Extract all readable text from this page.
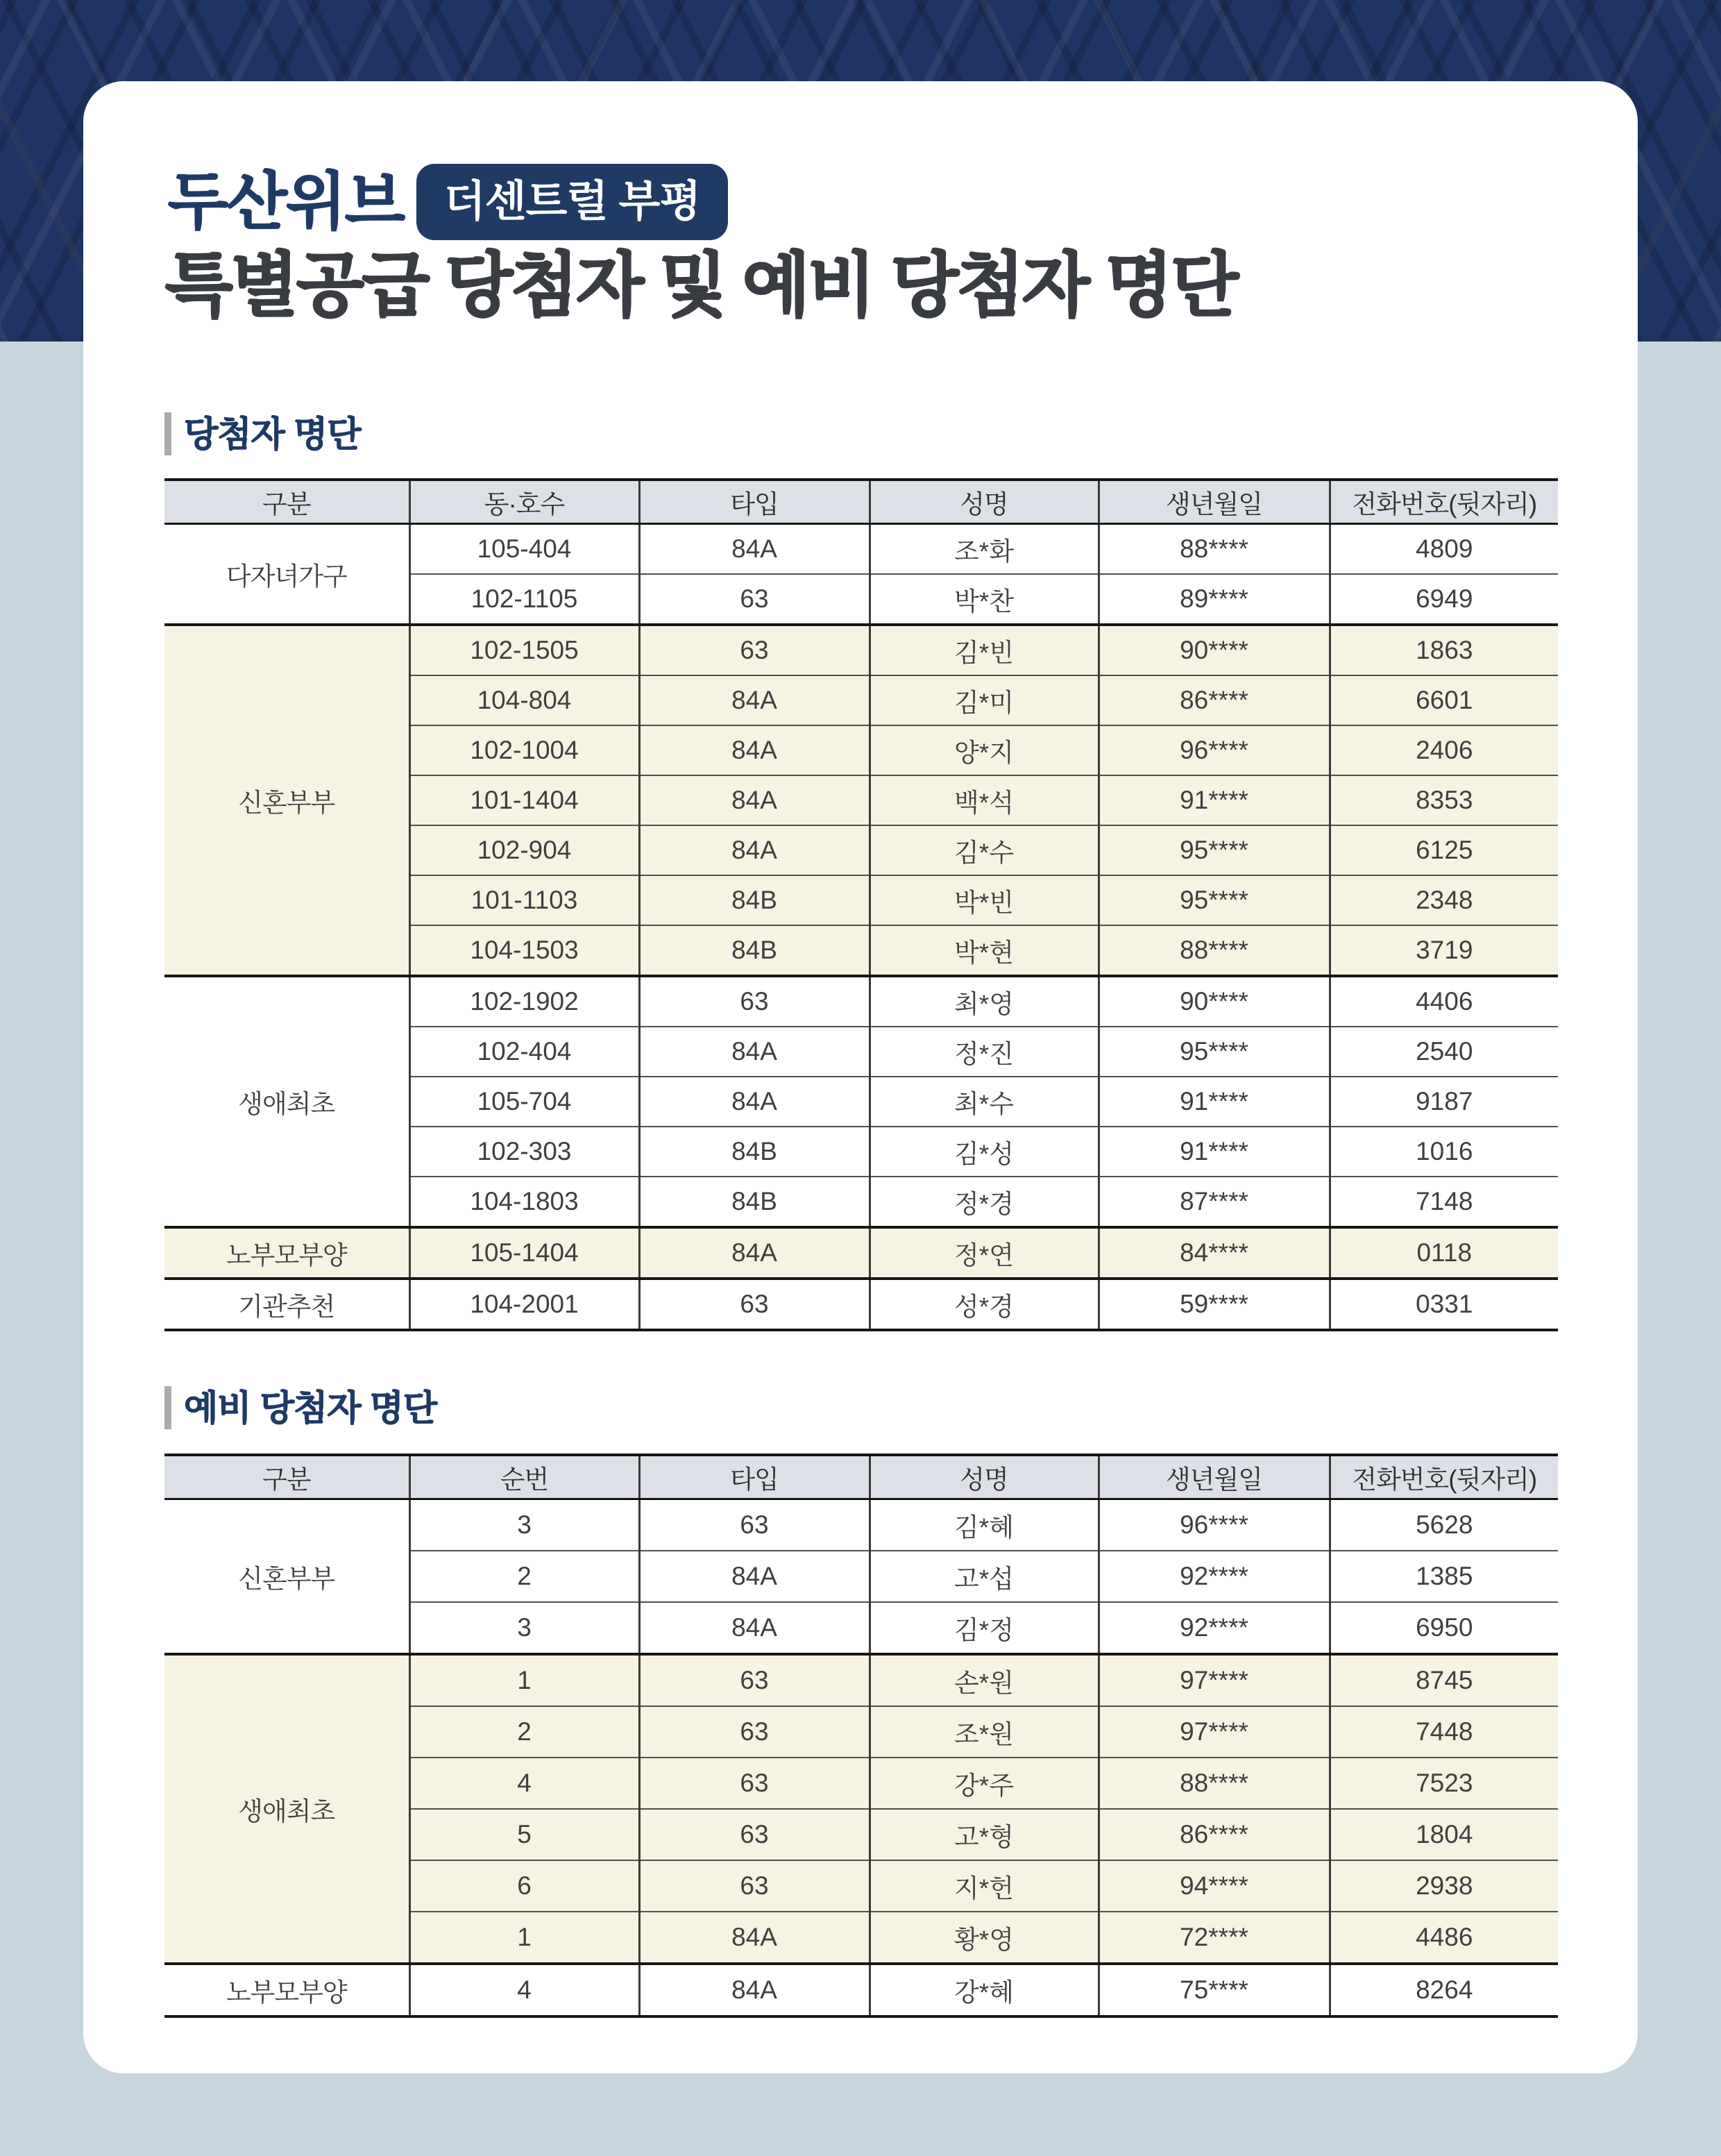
두산위브 더센트럴 부평
특별공급 당첨자 및 예비 당첨자 명단
당첨자 명단
구분	동·호수	타입	성명	생년월일	전화번호(뒷자리)
다자녀가구	105-404	84A	조*화	88****	4809
	102-1105	63	박*찬	89****	6949
신혼부부	102-1505	63	김*빈	90****	1863
	104-804	84A	김*미	86****	6601
	102-1004	84A	양*지	96****	2406
	101-1404	84A	백*석	91****	8353
	102-904	84A	김*수	95****	6125
	101-1103	84B	박*빈	95****	2348
	104-1503	84B	박*현	88****	3719
생애최초	102-1902	63	최*영	90****	4406
	102-404	84A	정*진	95****	2540
	105-704	84A	최*수	91****	9187
	102-303	84B	김*성	91****	1016
	104-1803	84B	정*경	87****	7148
노부모부양	105-1404	84A	정*연	84****	0118
기관추천	104-2001	63	성*경	59****	0331
예비 당첨자 명단
구분	순번	타입	성명	생년월일	전화번호(뒷자리)
신혼부부	3	63	김*혜	96****	5628
	2	84A	고*섭	92****	1385
	3	84A	김*정	92****	6950
생애최초	1	63	손*원	97****	8745
	2	63	조*원	97****	7448
	4	63	강*주	88****	7523
	5	63	고*형	86****	1804
	6	63	지*헌	94****	2938
	1	84A	황*영	72****	4486
노부모부양	4	84A	강*혜	75****	8264
